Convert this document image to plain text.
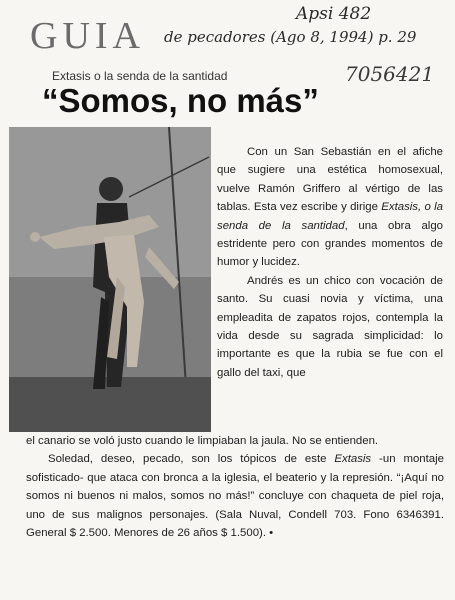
GUIA de pecadores (Ago 8, 1994) p. 29
Apsi 482
7056421
Extasis o la senda de la santidad
“Somos, no más”

Con un San Sebastián en el afiche que sugiere una estética homosexual, vuelve Ramón Griffero al vértigo de las tablas. Esta vez escribe y dirige Extasis, o la senda de la santidad, una obra algo estridente pero con grandes momentos de humor y lucidez.

Andrés es un chico con vocación de santo. Su cuasi novia y víctima, una empleadita de zapatos rojos, contempla la vida desde su sagrada simplicidad: lo importante es que la rubia se fue con el gallo del taxi, que

el canario se voló justo cuando le limpiaban la jaula. No se entienden.

Soledad, deseo, pecado, son los tópicos de este Extasis -un montaje sofisticado- que ataca con bronca a la iglesia, el beaterio y la represión. “¡Aquí no somos ni buenos ni malos, somos no más!” concluye con chaqueta de piel roja, uno de sus malignos personajes. (Sala Nuval, Condell 703. Fono 6346391. General $ 2.500. Menores de 26 años $ 1.500). •
